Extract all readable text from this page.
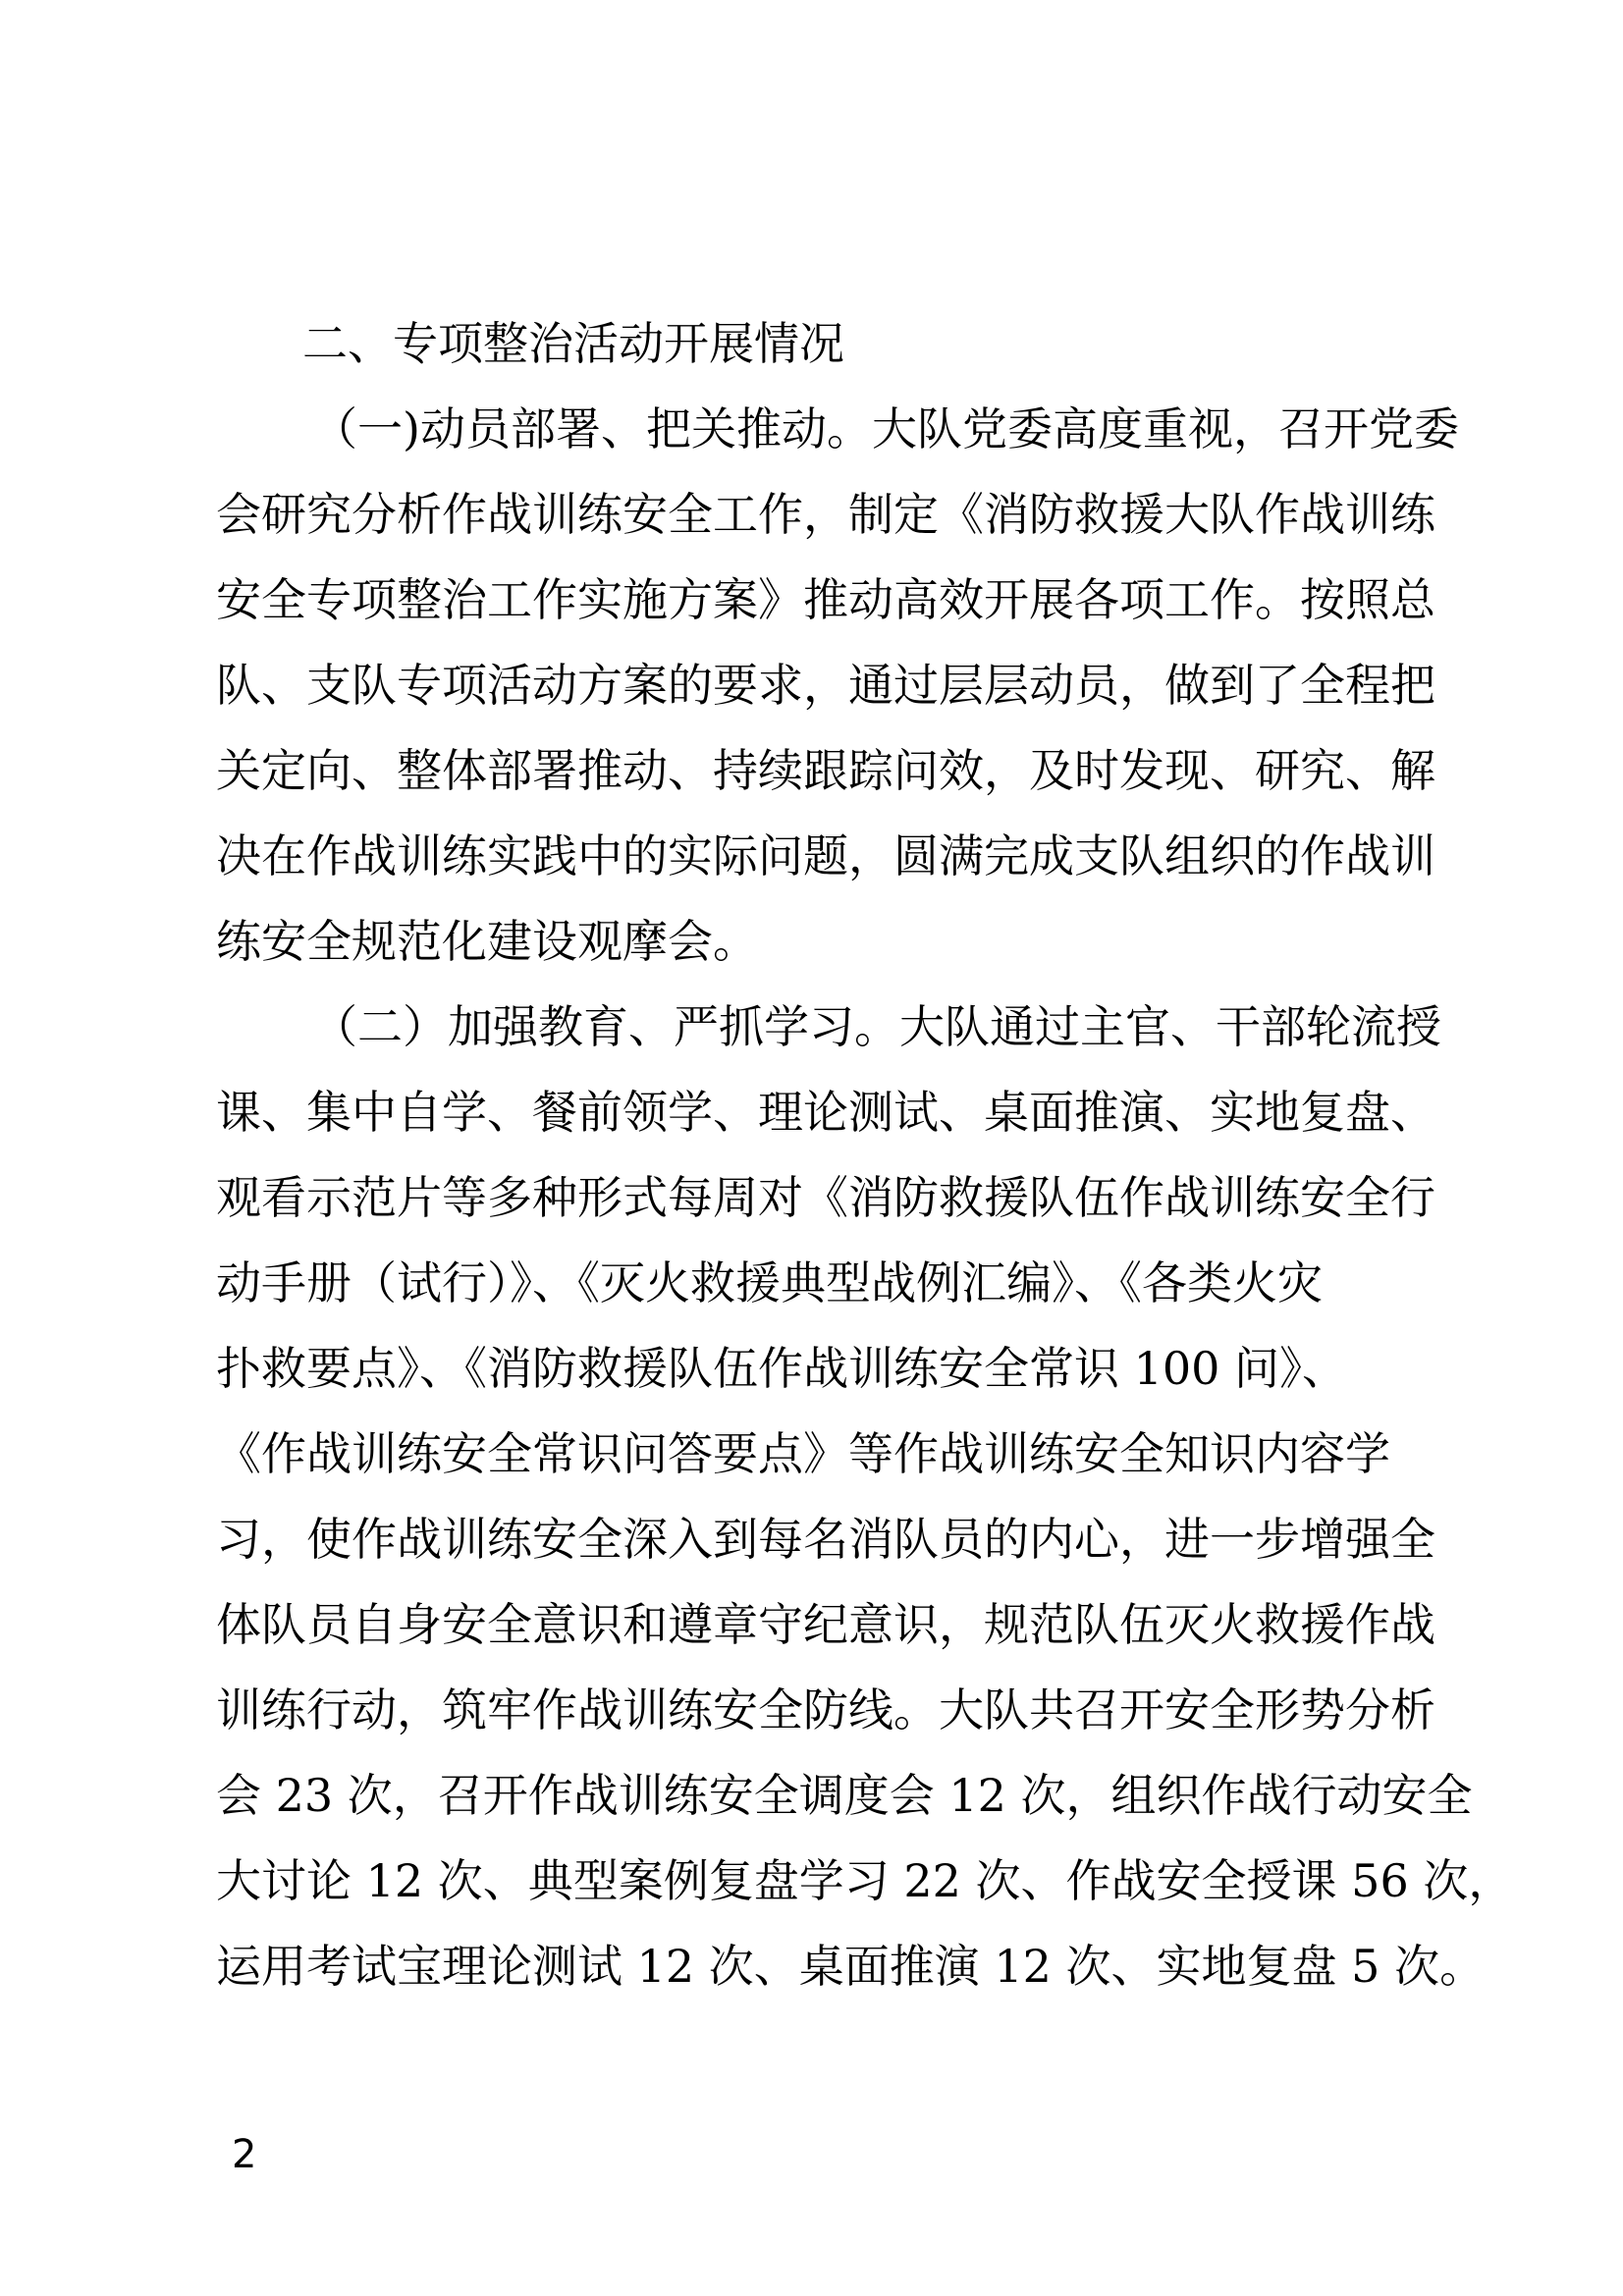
二、专项整治活动开展情况
（一)动员部署、把关推动。大队党委高度重视，召开党委
会研究分析作战训练安全工作，制定《消防救援大队作战训练
安全专项整治工作实施方案》推动高效开展各项工作。按照总
队、支队专项活动方案的要求，通过层层动员，做到了全程把
关定向、整体部署推动、持续跟踪问效，及时发现、研究、解
决在作战训练实践中的实际问题，圆满完成支队组织的作战训
练安全规范化建设观摩会。
（二）加强教育、严抓学习。大队通过主官、干部轮流授
课、集中自学、餐前领学、理论测试、桌面推演、实地复盘、
观看示范片等多种形式每周对《消防救援队伍作战训练安全行
动手册（试行）》、《灭火救援典型战例汇编》、《各类火灾
扑救要点》、《消防救援队伍作战训练安全常识 100 问》、
《作战训练安全常识问答要点》等作战训练安全知识内容学
习，使作战训练安全深入到每名消队员的内心，进一步增强全
体队员自身安全意识和遵章守纪意识，规范队伍灭火救援作战
训练行动，筑牢作战训练安全防线。大队共召开安全形势分析
会 23 次，召开作战训练安全调度会 12 次，组织作战行动安全
大讨论 12 次、典型案例复盘学习 22 次、作战安全授课 56 次，
运用考试宝理论测试 12 次、桌面推演 12 次、实地复盘 5 次。
2
